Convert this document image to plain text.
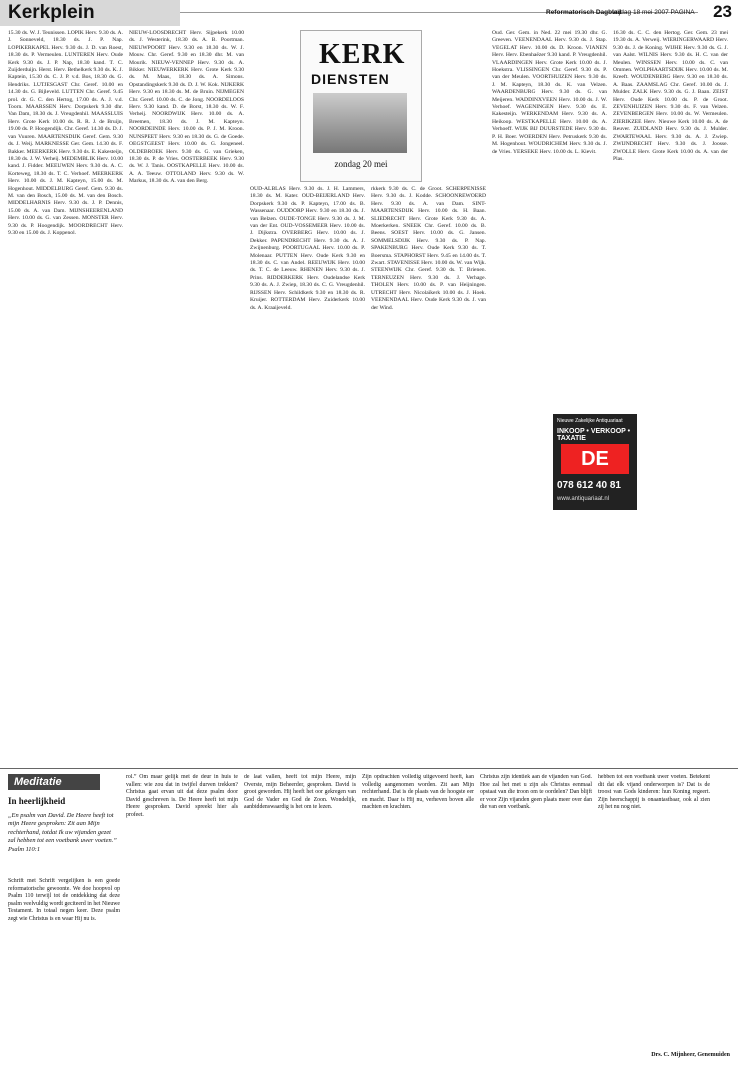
Kerkplein	Reformatorisch Dagblad
vrijdag 18 mei 2007 PAGINA 23

15.30 ds. W. J. Teunissen. LOPIK Herv. 9.30 ds. A. J. Sonneveld, 18.30 ds. J. P. Nap. LOPIKERKAPEL Herv. 9.30 ds. J. D. van Roest, 18.30 ds. P. Vermeulen. LUNTEREN Herv. Oude Kerk 9.30 ds. J. P. Nap, 18.30 kand. T. C. Zuijderduijn. Herst. Herv. Bethelkerk 9.30 ds. K. J. Kaptein, 15.30 ds. C. J. P. v.d. Bos, 18.30 ds. G. Hendriks. LUTJESGAST Chr. Geref. 10.00 en 14.30 ds. G. Bijleveld. LUTTEN Chr. Geref. 9.45 prol. dr. G. C. den Hertog, 17.00 ds. A. J. v.d. Toorn. MAARSSEN Herv. Dorpskerk 9.30 dhr. Van Dam, 18.30 ds. J. Vreugdenhil. MAASSLUIS Herv. Grote Kerk 10.00 ds. R. R. J. de Bruijn, 19.00 ds. P. Hoogendijk. Chr. Geref. 14.30 ds. D. J. van Vuuren. MAARTENSDIJK Geref. Gem. 9.30 ds. J. Weij. MARKNESSE Ger. Gem. 14.30 ds. F. Bakker. MEERKERK Herv. 9.30 ds. E. Kakesteijn, 18.30 ds. J. W. Verheij. MEDEMBLIK Herv. 10.00 kand. J. Fidder. MEEUWEN Herv. 9.30 ds. A. C. Korteweg, 18.30 ds. T. C. Verhoef. MEERKERK Herv. 10.00 ds. J. M. Kapteyn, 15.00 ds. M. Hogenhout. MIDDELBURG Geref. Gem. 9.30 ds. M. van den Bosch, 15.00 ds. M. van den Bosch. MIDDELHARNIS Herv. 9.30 ds. J. P. Dennis, 15.00 ds. A. van Dam. MIJNSHEERENLAND Herv. 10.00 ds. G. van Zessen. MONSTER Herv. 9.30 ds. P. Hoogendijk. MOORDRECHT Herv. 9.30 en 15.00 ds. J. Koppenol.

NIEUW-LOOSDRECHT Herv. Sijpekerk 10.00 ds. J. Westerink, 18.30 ds. A. B. Poortman. NIEUWPOORT Herv. 9.30 en 18.30 ds. W. J. Mouw. Chr. Geref. 9.30 en 18.30 dhr. M. van Mourik. NIEUW-VENNEP Herv. 9.30 ds. A. Bikker. NIEUWERKERK Herv. Grote Kerk 9.30 ds. M. Maas, 18.30 ds. A. Simons. Opstandingskerk 9.30 ds. D. J. W. Kok. NIJKERK Herv. 9.30 en 18.30 ds. M. de Bruin. NIJMEGEN Chr. Geref. 10.00 ds. C. de Jong. NOORDELOOS Herv. 9.30 kand. D. de Borst, 18.30 ds. W. F. Verheij. NOORDWIJK Herv. 10.00 ds. A. Breemen, 18.30 ds. J. M. Kapteyn. NOORDEINDE Herv. 10.00 ds. P. J. M. Kroon. NUNSPEET Herv. 9.30 en 18.30 ds. G. de Goede. OEGSTGEEST Herv. 10.00 ds. G. Jongeneel. OLDEBROEK Herv. 9.30 ds. G. van Grieken, 18.30 ds. P. de Vries. OOSTERBEEK Herv. 9.30 ds. W. J. Tanis. OOSTKAPELLE Herv. 10.00 ds. A. A. Teeuw. OTTOLAND Herv. 9.30 ds. W. Markus, 18.30 ds. A. van den Berg.

OUD-ALBLAS Herv. 9.30 ds. J. H. Lammers, 18.30 ds. M. Kater. OUD-BEIJERLAND Herv. Dorpskerk 9.30 ds. P. Kapteyn, 17.00 ds. B. Wassenaar. OUDDORP Herv. 9.30 en 18.30 ds. J. van Belzen. OUDE-TONGE Herv. 9.30 ds. J. M. van der Ent. OUD-VOSSEMEER Herv. 10.00 ds. J. Dijkstra. OVERBERG Herv. 10.00 ds. J. Dekker. PAPENDRECHT Herv. 9.30 ds. A. J. Zwijnenburg. POORTUGAAL Herv. 10.00 ds. P. Molenaar. PUTTEN Herv. Oude Kerk 9.30 en 18.30 ds. C. van Andel. REEUWIJK Herv. 10.00 ds. T. C. de Leeuw. RHENEN Herv. 9.30 ds. J. Prins. RIDDERKERK Herv. Oudelandse Kerk 9.30 ds. A. J. Zwiep, 18.30 ds. C. G. Vreugdenhil. RIJSSEN Herv. Schildkerk 9.30 en 18.30 ds. R. Kruijer. ROTTERDAM Herv. Zuiderkerk 10.00 ds. A. Kraaijeveld.

rkkerk 9.30 ds. C. de Groot. SCHERPENISSE Herv. 9.30 ds. J. Kodde. SCHOONREWOERD Herv. 9.30 ds. A. van Dam. SINT-MAARTENSDIJK Herv. 10.00 ds. H. Baan. SLIEDRECHT Herv. Grote Kerk 9.30 ds. A. Moerkerken. SNEEK Chr. Geref. 10.00 ds. B. Beens. SOEST Herv. 10.00 ds. G. Jansen. SOMMELSDIJK Herv. 9.30 ds. P. Nap. SPAKENBURG Herv. Oude Kerk 9.30 ds. T. Boersma. STAPHORST Herv. 9.45 en 14.00 ds. T. Zwart. STAVENISSE Herv. 10.00 ds. W. van Wijk. STEENWIJK Chr. Geref. 9.30 ds. T. Brienen. TERNEUZEN Herv. 9.30 ds. J. Verhage. THOLEN Herv. 10.00 ds. P. van Heijningen. UTRECHT Herv. Nicolaïkerk 10.00 ds. J. Hoek. VEENENDAAL Herv. Oude Kerk 9.30 ds. J. van der Wind.

Oud. Ger. Gem. in Ned. 22 mei 19.30 dhr. G. Greeven. VEENENDAAL Herv. 9.30 ds. J. Stap. VEGELAT Herv. 10.00 ds. D. Kroon. VIANEN Herv. Herv. Ebenhaëzer 9.30 kand. P. Vreugdenhil. VLAARDINGEN Herv. Grote Kerk 10.00 ds. J. Hoekstra. VLISSINGEN Chr. Geref. 9.30 ds. P. van der Meulen. VOORTHUIZEN Herv. 9.30 ds. J. M. Kapteyn, 18.30 ds. K. van Velzen. WAARDENBURG Herv. 9.30 ds. G. van Meijeren. WADDINXVEEN Herv. 10.00 ds. J. W. Verhoef. WAGENINGEN Herv. 9.30 ds. E. Kakesteijn. WERKENDAM Herv. 9.30 ds. A. Heikoop. WESTKAPELLE Herv. 10.00 ds. A. Verhoeff. WIJK BIJ DUURSTEDE Herv. 9.30 ds. P. H. Boer. WOERDEN Herv. Petruskerk 9.30 ds. M. Hogenhout. WOUDRICHEM Herv. 9.30 ds. J. de Vries. YERSEKE Herv. 10.00 ds. L. Kievit.

16.30 ds. C. C. den Hertog. Ger. Gem. 23 mei 19.30 ds. A. Verweij. WIERINGERWAARD Herv. 9.30 ds. J. de Koning. WIJHE Herv. 9.30 ds. G. J. van Aalst. WILNIS Herv. 9.30 ds. H. C. van der Meulen. WINSSEN Herv. 10.00 ds. C. van Ommen. WOLPHAARTSDIJK Herv. 10.00 ds. M. Kreeft. WOUDENBERG Herv. 9.30 en 18.30 ds. A. Baas. ZAAMSLAG Chr. Geref. 10.00 ds. J. Mulder. ZALK Herv. 9.30 ds. G. J. Baan. ZEIST Herv. Oude Kerk 10.00 ds. P. de Groot. ZEVENHUIZEN Herv. 9.30 ds. F. van Velzen. ZEVENBERGEN Herv. 10.00 ds. W. Vermeulen. ZIERIKZEE Herv. Nieuwe Kerk 10.00 ds. A. de Reuver. ZUIDLAND Herv. 9.30 ds. J. Mulder. ZWARTEWAAL Herv. 9.30 ds. A. J. Zwiep. ZWIJNDRECHT Herv. 9.30 ds. J. Joosse. ZWOLLE Herv. Grote Kerk 10.00 ds. A. van der Plas.

KERK
DIENSTEN
zondag 20 mei
Nieuwe Zakelijke Antiquariaat
INKOOP • VERKOOP • TAXATIE
DE
078 612 40 81
www.antiquariaat.nl
Meditatie
In heerlijkheid
„En psalm van David. De Heere heeft tot mijn Heere gesproken: Zit aan Mijn rechterhand, totdat Ik uw vijanden gezet zal hebben tot een voetbank uwer voeten.” Psalm 110:1
Schrift met Schrift vergelijken is een goede reformatorische gewoonte. We doe hoopvol op Psalm 110 terwijl tot de ontdekking dat deze psalm veelvuldig wordt geciteerd in het Nieuwe Testament. In totaal negen keer. Deze psalm zegt wie Christus is en waar Hij nu is.
rol.” Om maar gelijk met de deur in huis te vallen: wie zou dat in twijfel durven trekken? Christus gaat ervan uit dat deze psalm door David geschreven is. De Heere heeft tot mijn Heere gesproken. David spreekt hier als profeet.
de laat vallen, heeft tot mijn Heere, mijn Overste, mijn Beheerder, gesproken. David is groot geworden. Hij heeft het oor gekregen van God de Vader en God de Zoon. Wondelijk, aanbiddenswaardig is het om te lezen.
Zijn opdrachten volledig uitgevoerd heeft, kan volledig aangenomen worden. Zit aan Mijn rechterhand. Dat is de plaats van de hoogste eer en macht. Daar is Hij nu, verheven boven alle machten en krachten.
Christus zijn identiek aan de vijanden van God. Hoe zal het met u zijn als Christus eenmaal opstaat van die troon om te oordelen? Dan blijft er voor Zijn vijanden geen plaats meer over dan die van een voetbank.
hebben tot een voetbank uwer voeten. Betekent dit dat elk vijand onderworpen is? Dat is de troost van Gods kinderen: hun Koning regeert. Zijn heerschappij is onaantastbaar, ook al zien zij het nu nog niet.
Drs. C. Mijnheer, Genemuiden
